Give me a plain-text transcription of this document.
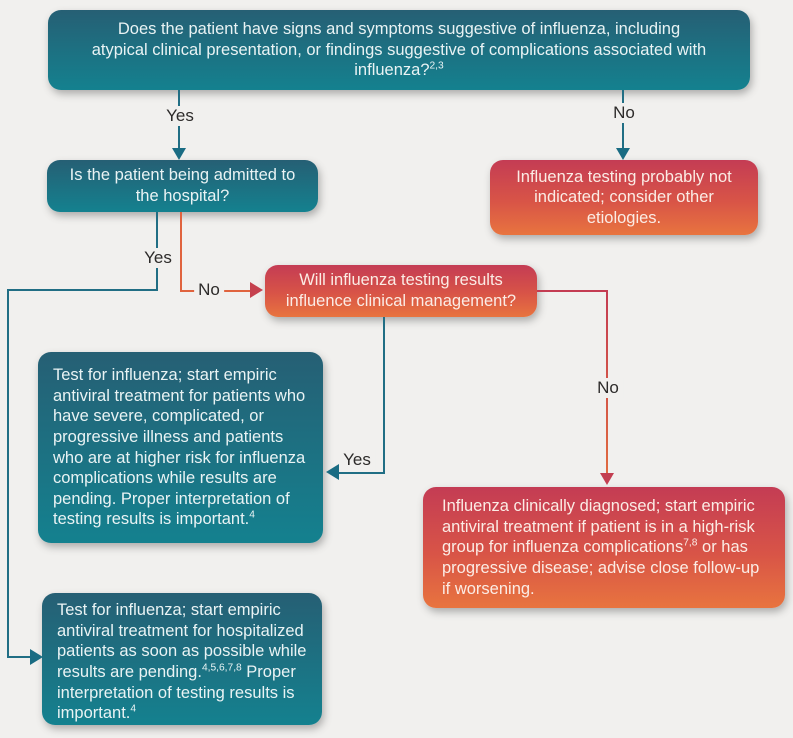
Does the patient have signs and symptoms suggestive of influenza, including atypical clinical presentation, or findings suggestive of complications associated with influenza?$^{2,3}$
Is the patient being admitted to the hospital?
Influenza testing probably not indicated; consider other etiologies.
Will influenza testing results influence clinical management?
Test for influenza; start empiric antiviral treatment for patients who have severe, complicated, or progressive illness and patients who are at higher risk for influenza complications while results are pending. Proper interpretation of testing results is important.$^4$
Influenza clinically diagnosed; start empiric antiviral treatment if patient is in a high-risk group for influenza complications$^{7,8}$ or has progressive disease; advise close follow-up if worsening.
Test for influenza; start empiric antiviral treatment for hospitalized patients as soon as possible while results are pending.$^{4,5,6,7,8}$ Proper interpretation of testing results is important.$^4$
Yes	No
Yes
No
Yes
No
